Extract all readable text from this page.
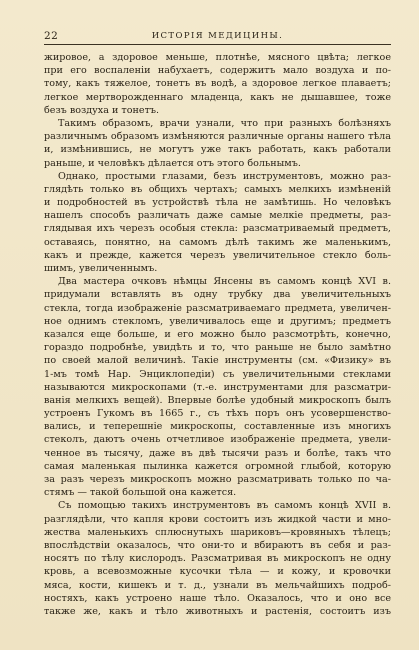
22	ИСТОРІЯ МЕДИЦИНЫ.
жировое, а здоровое меньше, плотнѣе, мясного цвѣта; легкое
при его воспаленіи набухаетъ, содержитъ мало воздуха и по-
тому, какъ тяжелое, тонетъ въ водѣ, а здоровое легкое плаваетъ;
легкое мертворожденнаго младенца, какъ не дышавшее, тоже
безъ воздуха и тонетъ.
Такимъ образомъ, врачи узнали, что при разныхъ болѣзняхъ
различнымъ образомъ измѣняются различные органы нашего тѣла
и, измѣнившись, не могутъ уже такъ работать, какъ работали
раньше, и человѣкъ дѣлается отъ этого больнымъ.
Однако, простыми глазами, безъ инструментовъ, можно раз-
глядѣть только въ общихъ чертахъ; самыхъ мелкихъ измѣненій
и подробностей въ устройствѣ тѣла не замѣтишь. Но человѣкъ
нашелъ способъ различать даже самые мелкіе предметы, раз-
глядывая ихъ черезъ особыя стекла: разсматриваемый предметъ,
оставаясь, понятно, на самомъ дѣлѣ такимъ же маленькимъ,
какъ и прежде, кажется черезъ увеличительное стекло боль-
шимъ, увеличеннымъ.
Два мастера очковъ нѣмцы Янсены въ самомъ концѣ XVI в.
придумали вставлять въ одну трубку два увеличительныхъ
стекла, тогда изображеніе разсматриваемаго предмета, увеличен-
ное однимъ стекломъ, увеличивалось еще и другимъ; предметъ
казался еще больше, и его можно было разсмотрѣть, конечно,
гораздо подробнѣе, увидѣть и то, что раньше не было замѣтно
по своей малой величинѣ. Такіе инструменты (см. «Физику» въ
1-мъ томѣ Нар. Энциклопедіи) съ увеличительными стеклами
называются микроскопами (т.-е. инструментами для разсматри-
ванія мелкихъ вещей). Впервые болѣе удобный микроскопъ былъ
устроенъ Гукомъ въ 1665 г., съ тѣхъ поръ онъ усовершенство-
вались, и теперешніе микроскопы, составленные изъ многихъ
стеколъ, даютъ очень отчетливое изображеніе предмета, увели-
ченное въ тысячу, даже въ двѣ тысячи разъ и болѣе, такъ что
самая маленькая пылинка кажется огромной глыбой, которую
за разъ черезъ микроскопъ можно разсматривать только по ча-
стямъ — такой большой она кажется.
Съ помощью такихъ инструментовъ въ самомъ концѣ XVII в.
разглядѣли, что капля крови состоитъ изъ жидкой части и мно-
жества маленькихъ сплюснутыхъ шариковъ—кровяныхъ тѣлецъ;
впослѣдствіи оказалось, что они-то и вбираютъ въ себя и раз-
носятъ по тѣлу кислородъ. Разсматривая въ микроскопъ не одну
кровь, а всевозможные кусочки тѣла — и кожу, и кровочки
мяса, кости, кишекъ и т. д., узнали въ мельчайшихъ подроб-
ностяхъ, какъ устроено наше тѣло. Оказалось, что и оно все
также же, какъ и тѣло животныхъ и растенія, состоитъ изъ
